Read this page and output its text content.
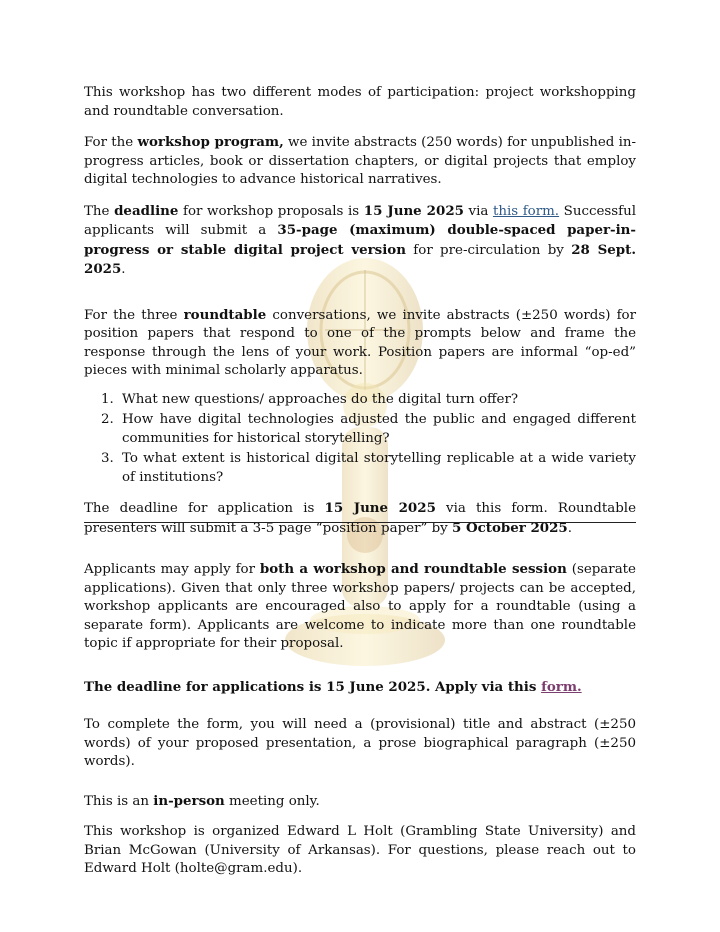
This workshop has two different modes of participation: project workshopping and roundtable conversation.

For the workshop program, we invite abstracts (250 words) for unpublished in-progress articles, book or dissertation chapters, or digital projects that employ digital technologies to advance historical narratives.

The deadline for workshop proposals is 15 June 2025 via this form. Successful applicants will submit a 35-page (maximum) double-spaced paper-in-progress or stable digital project version for pre-circulation by 28 Sept. 2025.

For the three roundtable conversations, we invite abstracts (±250 words) for position papers that respond to one of the prompts below and frame the response through the lens of your work. Position papers are informal “op-ed” pieces with minimal scholarly apparatus.

1. What new questions/ approaches do the digital turn offer?
2. How have digital technologies adjusted the public and engaged different communities for historical storytelling?
3. To what extent is historical digital storytelling replicable at a wide variety of institutions?

The deadline for application is 15 June 2025 via this form. Roundtable presenters will submit a 3-5 page “position paper” by 5 October 2025.

Applicants may apply for both a workshop and roundtable session (separate applications). Given that only three workshop papers/ projects can be accepted, workshop applicants are encouraged also to apply for a roundtable (using a separate form). Applicants are welcome to indicate more than one roundtable topic if appropriate for their proposal.

The deadline for applications is 15 June 2025. Apply via this form.

To complete the form, you will need a (provisional) title and abstract (±250 words) of your proposed presentation, a prose biographical paragraph (±250 words).

This is an in-person meeting only.

This workshop is organized Edward L Holt (Grambling State University) and Brian McGowan (University of Arkansas). For questions, please reach out to Edward Holt (holte@gram.edu).
